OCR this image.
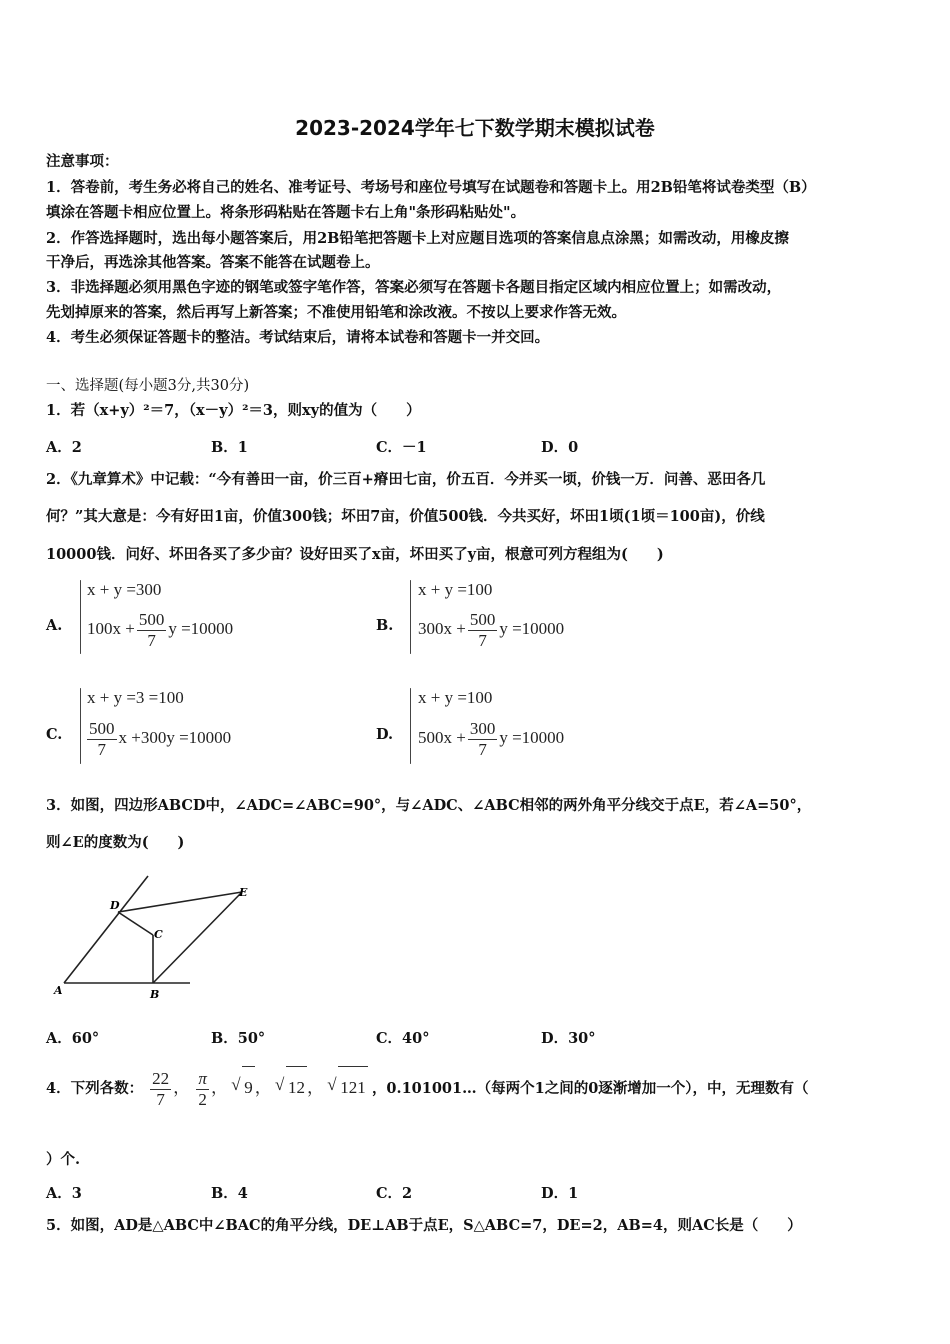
2023-2024学年七下数学期末模拟试卷
注意事项：
1．答卷前，考生务必将自己的姓名、准考证号、考场号和座位号填写在试题卷和答题卡上。用2B铅笔将试卷类型（B）
填涂在答题卡相应位置上。将条形码粘贴在答题卡右上角"条形码粘贴处"。
2．作答选择题时，选出每小题答案后，用2B铅笔把答题卡上对应题目选项的答案信息点涂黑；如需改动，用橡皮擦
干净后，再选涂其他答案。答案不能答在试题卷上。
3．非选择题必须用黑色字迹的钢笔或签字笔作答，答案必须写在答题卡各题目指定区域内相应位置上；如需改动，
先划掉原来的答案，然后再写上新答案；不准使用铅笔和涂改液。不按以上要求作答无效。
4．考生必须保证答题卡的整洁。考试结束后，请将本试卷和答题卡一并交回。
一、选择题(每小题3分,共30分)
1．若（x+y）²＝7，（x－y）²＝3，则xy的值为（　　）
A．2	B．1	C．－1	D．0
2．《九章算术》中记载：“今有善田一亩，价三百+瘠田七亩，价五百．今并买一顷，价钱一万．问善、恶田各几
何？”其大意是：今有好田1亩，价值300钱；坏田7亩，价值500钱．今共买好，坏田1顷(1顷＝100亩)，价线
10000钱．问好、坏田各买了多少亩？设好田买了x亩，坏田买了y亩，根意可列方程组为(　　)
A.
x + y =300
$100x + \frac{500}{7}$ y =10000	B.
x + y =100
$300x + \frac{500}{7}$ y =10000
C.
x + y =3 =100
$\frac{500}{7}$ x +300y =10000	D.
x + y =100
$500x + \frac{300}{7}$ y =10000
3．如图，四边形ABCD中，∠ADC=∠ABC=90°，与∠ADC、∠ABC相邻的两外角平分线交于点E，若∠A=50°，
则∠E的度数为(　　)
A	B
C
D
E
A．60°	B．50°	C．40°	D．30°
4．下列各数： $\frac{22}{7}$ ， $\frac{\pi}{2}$ ， √ 9 ， √ 12 ， √ 121 ，0.101001…（每两个1之间的0逐渐增加一个），中，无理数有（
）个.
A．3	B．4	C．2	D．1
5．如图，AD是△ABC中∠BAC的角平分线，DE⊥AB于点E，S△ABC=7，DE=2，AB=4，则AC长是（　　）
